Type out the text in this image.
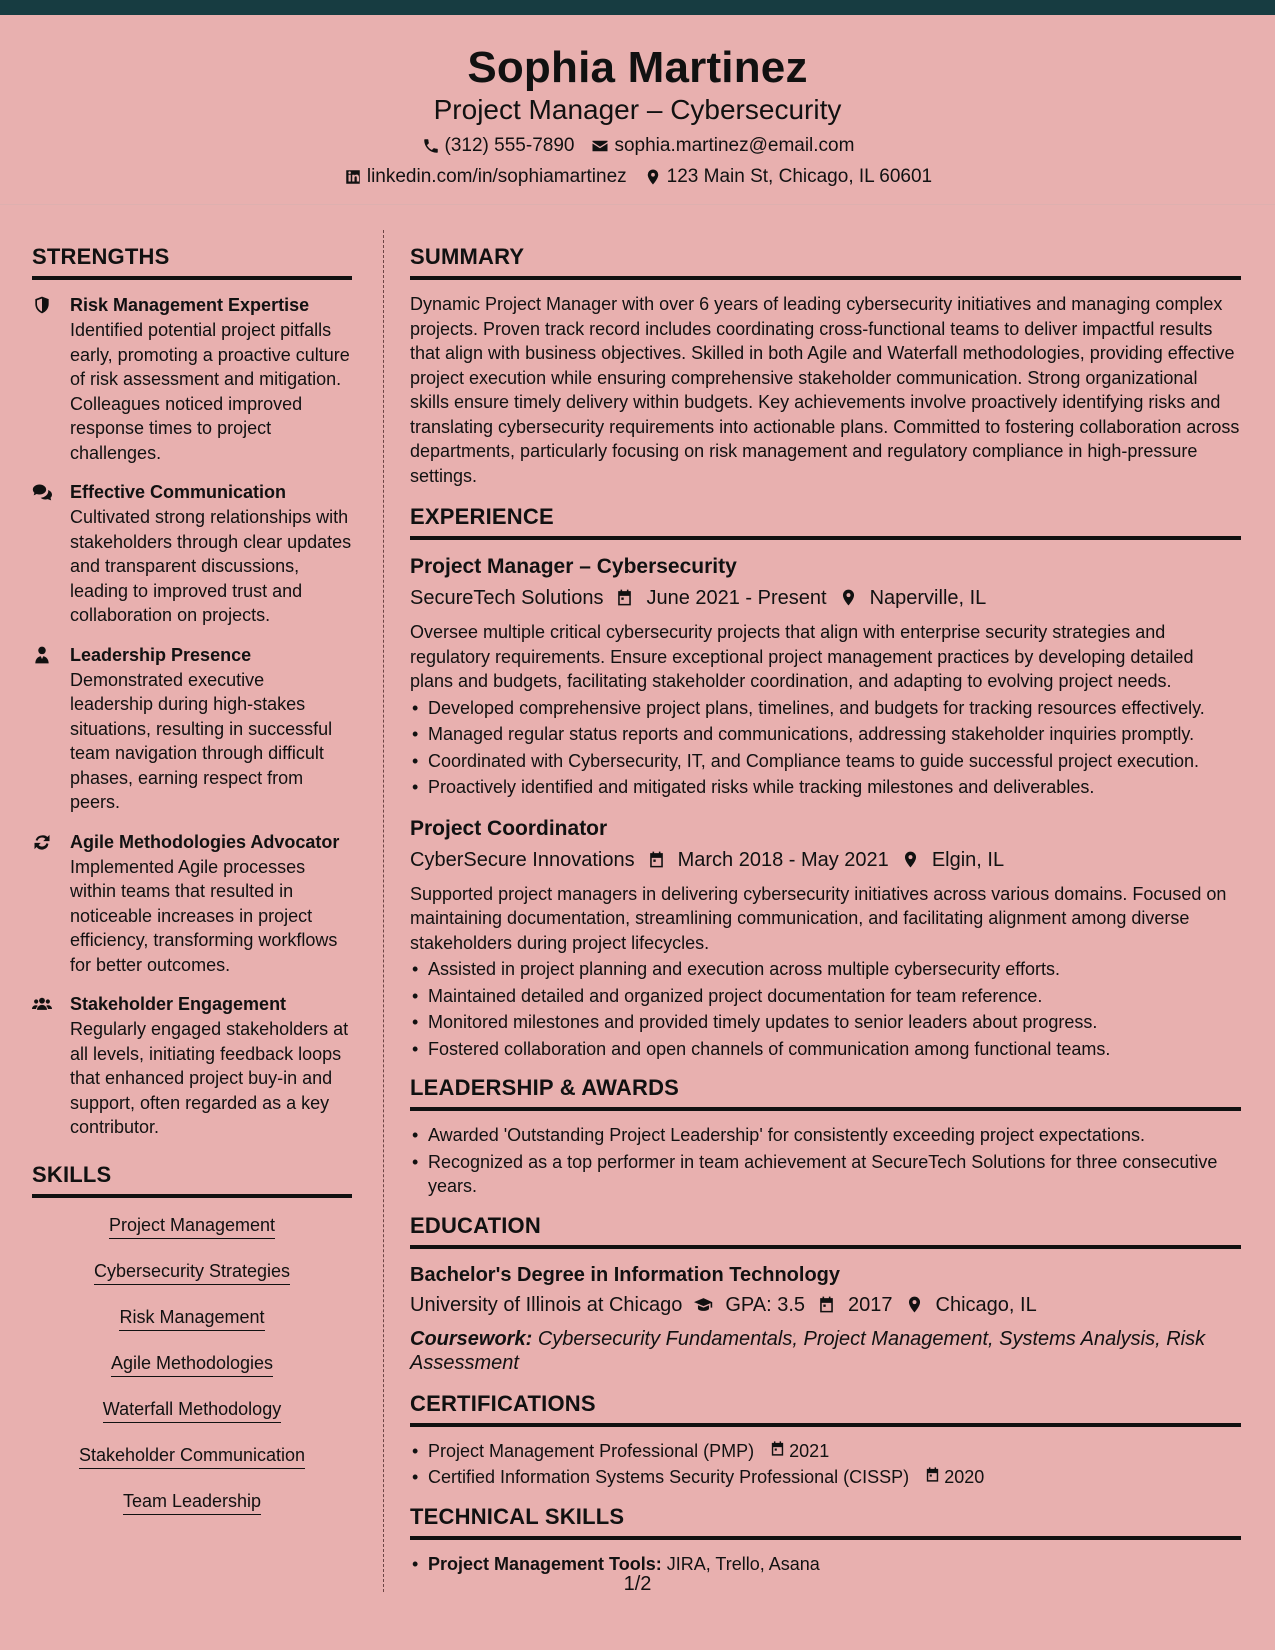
Sophia Martinez
Project Manager – Cybersecurity
(312) 555-7890 sophia.martinez@email.com
linkedin.com/in/sophiamartinez 123 Main St, Chicago, IL 60601
STRENGTHS
Risk Management Expertise
Identified potential project pitfalls early, promoting a proactive culture of risk assessment and mitigation. Colleagues noticed improved response times to project challenges.
Effective Communication
Cultivated strong relationships with stakeholders through clear updates and transparent discussions, leading to improved trust and collaboration on projects.
Leadership Presence
Demonstrated executive leadership during high-stakes situations, resulting in successful team navigation through difficult phases, earning respect from peers.
Agile Methodologies Advocator
Implemented Agile processes within teams that resulted in noticeable increases in project efficiency, transforming workflows for better outcomes.
Stakeholder Engagement
Regularly engaged stakeholders at all levels, initiating feedback loops that enhanced project buy-in and support, often regarded as a key contributor.
SKILLS
Project Management
Cybersecurity Strategies
Risk Management
Agile Methodologies
Waterfall Methodology
Stakeholder Communication
Team Leadership
SUMMARY
Dynamic Project Manager with over 6 years of leading cybersecurity initiatives and managing complex projects. Proven track record includes coordinating cross-functional teams to deliver impactful results that align with business objectives. Skilled in both Agile and Waterfall methodologies, providing effective project execution while ensuring comprehensive stakeholder communication. Strong organizational skills ensure timely delivery within budgets. Key achievements involve proactively identifying risks and translating cybersecurity requirements into actionable plans. Committed to fostering collaboration across departments, particularly focusing on risk management and regulatory compliance in high-pressure settings.
EXPERIENCE
Project Manager – Cybersecurity
SecureTech Solutions June 2021 - Present Naperville, IL
Oversee multiple critical cybersecurity projects that align with enterprise security strategies and regulatory requirements. Ensure exceptional project management practices by developing detailed plans and budgets, facilitating stakeholder coordination, and adapting to evolving project needs.
• Developed comprehensive project plans, timelines, and budgets for tracking resources effectively.
• Managed regular status reports and communications, addressing stakeholder inquiries promptly.
• Coordinated with Cybersecurity, IT, and Compliance teams to guide successful project execution.
• Proactively identified and mitigated risks while tracking milestones and deliverables.
Project Coordinator
CyberSecure Innovations March 2018 - May 2021 Elgin, IL
Supported project managers in delivering cybersecurity initiatives across various domains. Focused on maintaining documentation, streamlining communication, and facilitating alignment among diverse stakeholders during project lifecycles.
• Assisted in project planning and execution across multiple cybersecurity efforts.
• Maintained detailed and organized project documentation for team reference.
• Monitored milestones and provided timely updates to senior leaders about progress.
• Fostered collaboration and open channels of communication among functional teams.
LEADERSHIP & AWARDS
• Awarded 'Outstanding Project Leadership' for consistently exceeding project expectations.
• Recognized as a top performer in team achievement at SecureTech Solutions for three consecutive years.
EDUCATION
Bachelor's Degree in Information Technology
University of Illinois at Chicago GPA: 3.5 2017 Chicago, IL
Coursework: Cybersecurity Fundamentals, Project Management, Systems Analysis, Risk Assessment
CERTIFICATIONS
• Project Management Professional (PMP) 2021
• Certified Information Systems Security Professional (CISSP) 2020
TECHNICAL SKILLS
• Project Management Tools: JIRA, Trello, Asana
1/2
